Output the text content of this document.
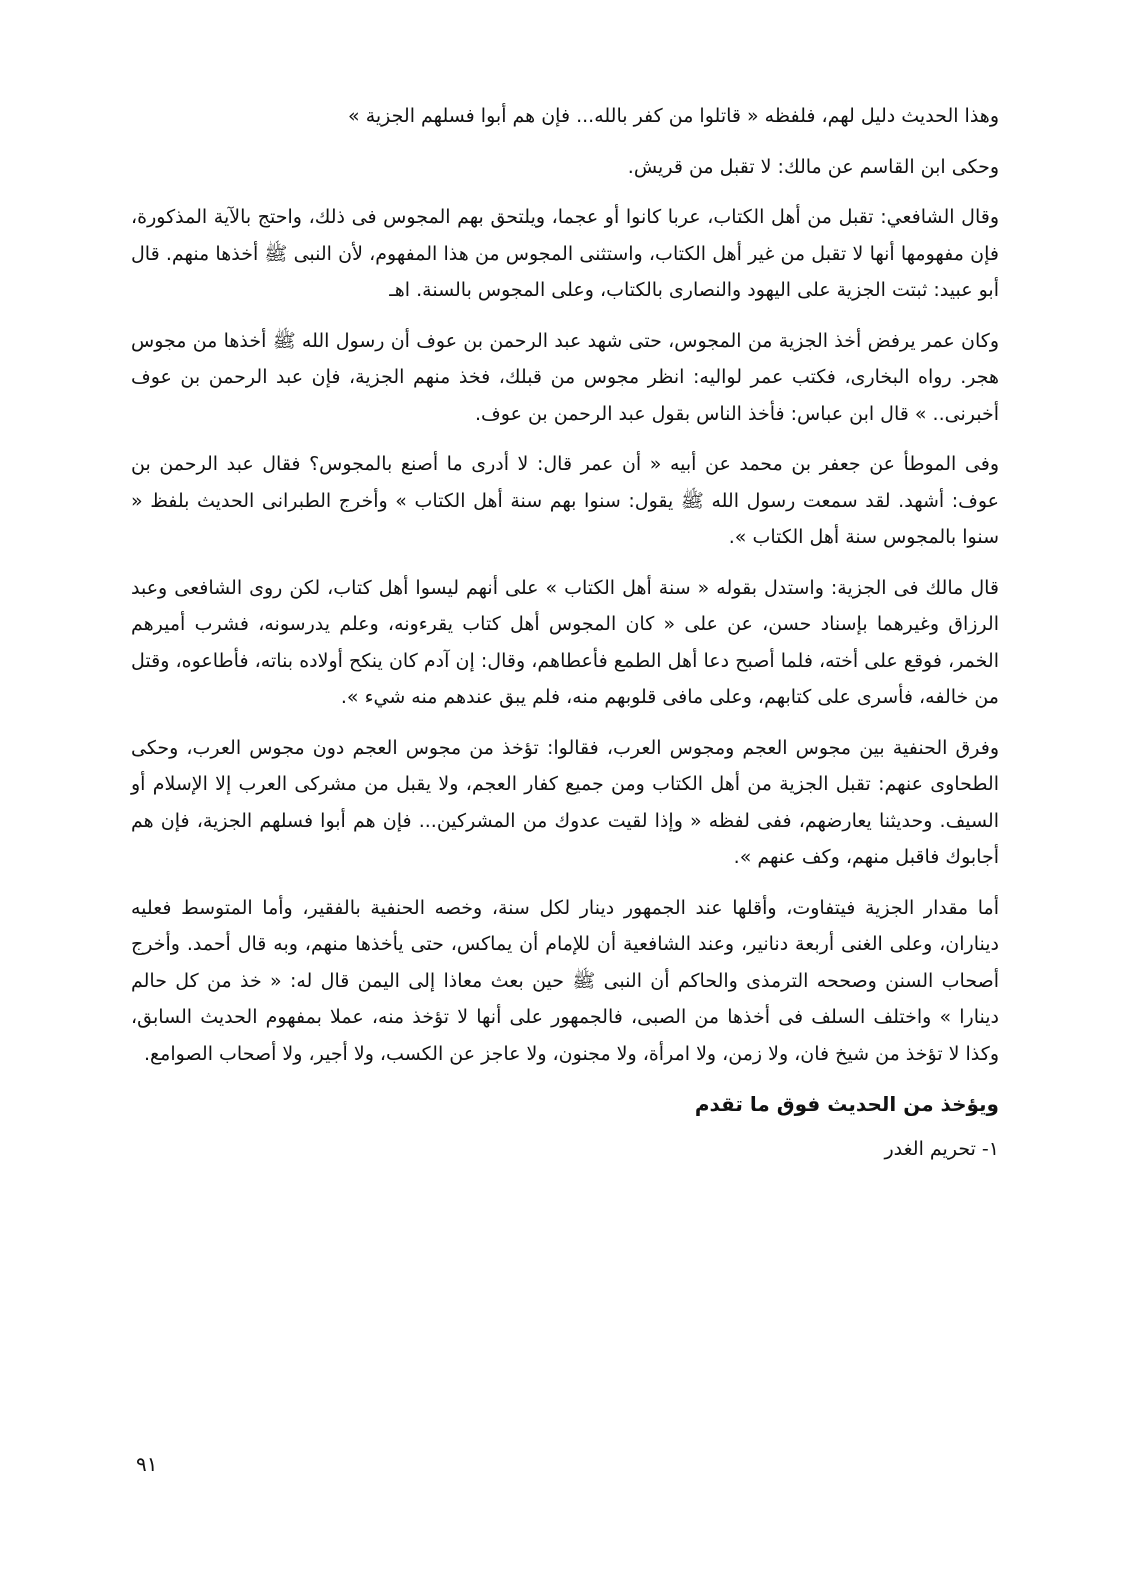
وهذا الحديث دليل لهم، فلفظه « قاتلوا من كفر بالله... فإن هم أبوا فسلهم الجزية »

وحكى ابن القاسم عن مالك: لا تقبل من قريش.

وقال الشافعي: تقبل من أهل الكتاب، عربا كانوا أو عجما، ويلتحق بهم المجوس فى ذلك، واحتج بالآية المذكورة، فإن مفهومها أنها لا تقبل من غير أهل الكتاب، واستثنى المجوس من هذا المفهوم، لأن النبى ﷺ أخذها منهم. قال أبو عبيد: ثبتت الجزية على اليهود والنصارى بالكتاب، وعلى المجوس بالسنة. اهـ

وكان عمر يرفض أخذ الجزية من المجوس، حتى شهد عبد الرحمن بن عوف أن رسول الله ﷺ أخذها من مجوس هجر. رواه البخارى، فكتب عمر لواليه: انظر مجوس من قبلك، فخذ منهم الجزية، فإن عبد الرحمن بن عوف أخبرنى.. » قال ابن عباس: فأخذ الناس بقول عبد الرحمن بن عوف.

وفى الموطأ عن جعفر بن محمد عن أبيه « أن عمر قال: لا أدرى ما أصنع بالمجوس؟ فقال عبد الرحمن بن عوف: أشهد. لقد سمعت رسول الله ﷺ يقول: سنوا بهم سنة أهل الكتاب » وأخرج الطبرانى الحديث بلفظ « سنوا بالمجوس سنة أهل الكتاب ».

قال مالك فى الجزية: واستدل بقوله « سنة أهل الكتاب » على أنهم ليسوا أهل كتاب، لكن روى الشافعى وعبد الرزاق وغيرهما بإسناد حسن، عن على « كان المجوس أهل كتاب يقرءونه، وعلم يدرسونه، فشرب أميرهم الخمر، فوقع على أخته، فلما أصبح دعا أهل الطمع فأعطاهم، وقال: إن آدم كان ينكح أولاده بناته، فأطاعوه، وقتل من خالفه، فأسرى على كتابهم، وعلى مافى قلوبهم منه، فلم يبق عندهم منه شيء ».

وفرق الحنفية بين مجوس العجم ومجوس العرب، فقالوا: تؤخذ من مجوس العجم دون مجوس العرب، وحكى الطحاوى عنهم: تقبل الجزية من أهل الكتاب ومن جميع كفار العجم، ولا يقبل من مشركى العرب إلا الإسلام أو السيف. وحديثنا يعارضهم، ففى لفظه « وإذا لقيت عدوك من المشركين... فإن هم أبوا فسلهم الجزية، فإن هم أجابوك فاقبل منهم، وكف عنهم ».

أما مقدار الجزية فيتفاوت، وأقلها عند الجمهور دينار لكل سنة، وخصه الحنفية بالفقير، وأما المتوسط فعليه ديناران، وعلى الغنى أربعة دنانير، وعند الشافعية أن للإمام أن يماكس، حتى يأخذها منهم، وبه قال أحمد. وأخرج أصحاب السنن وصححه الترمذى والحاكم أن النبى ﷺ حين بعث معاذا إلى اليمن قال له: « خذ من كل حالم دينارا » واختلف السلف فى أخذها من الصبى، فالجمهور على أنها لا تؤخذ منه، عملا بمفهوم الحديث السابق، وكذا لا تؤخذ من شيخ فان، ولا زمن، ولا امرأة، ولا مجنون، ولا عاجز عن الكسب، ولا أجير، ولا أصحاب الصوامع.

ويؤخذ من الحديث فوق ما تقدم

١- تحريم الغدر

٩١
